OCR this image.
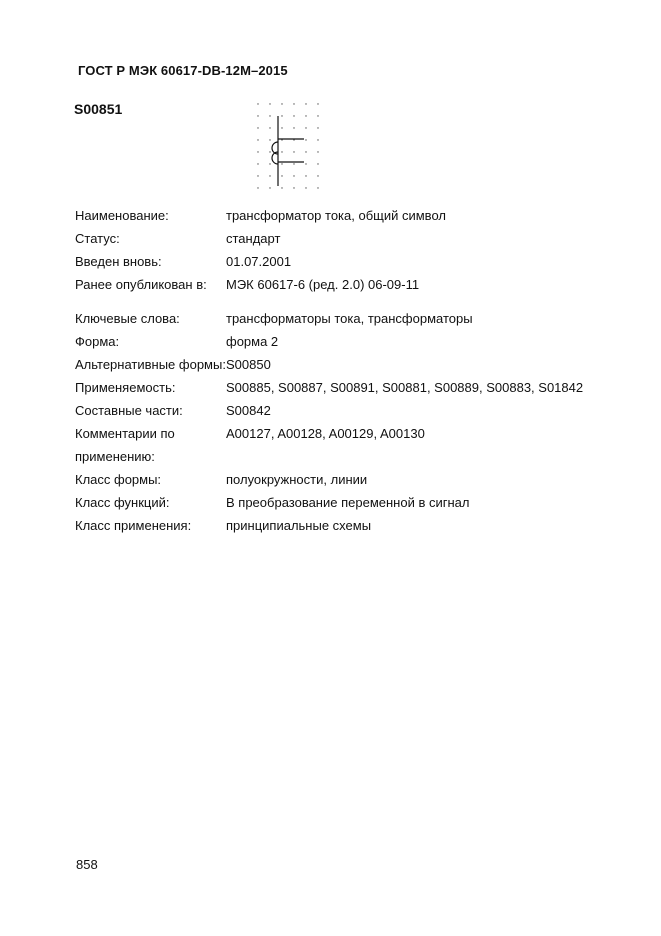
ГОСТ Р МЭК 60617-DB-12M–2015
S00851
Наименование:	трансформатор тока, общий символ
Статус:	стандарт
Введен вновь:	01.07.2001
Ранее опубликован в:	МЭК 60617-6 (ред. 2.0) 06-09-11
Ключевые слова:	трансформаторы тока, трансформаторы
Форма:	форма 2
Альтернативные формы: S00850
Применяемость:	S00885, S00887, S00891, S00881, S00889, S00883, S01842
Составные части:	S00842
Комментарии по применению:
A00127, A00128, A00129, A00130
Класс формы:	полуокружности, линии
Класс функций:	В преобразование переменной в сигнал
Класс применения:	принципиальные схемы
858
